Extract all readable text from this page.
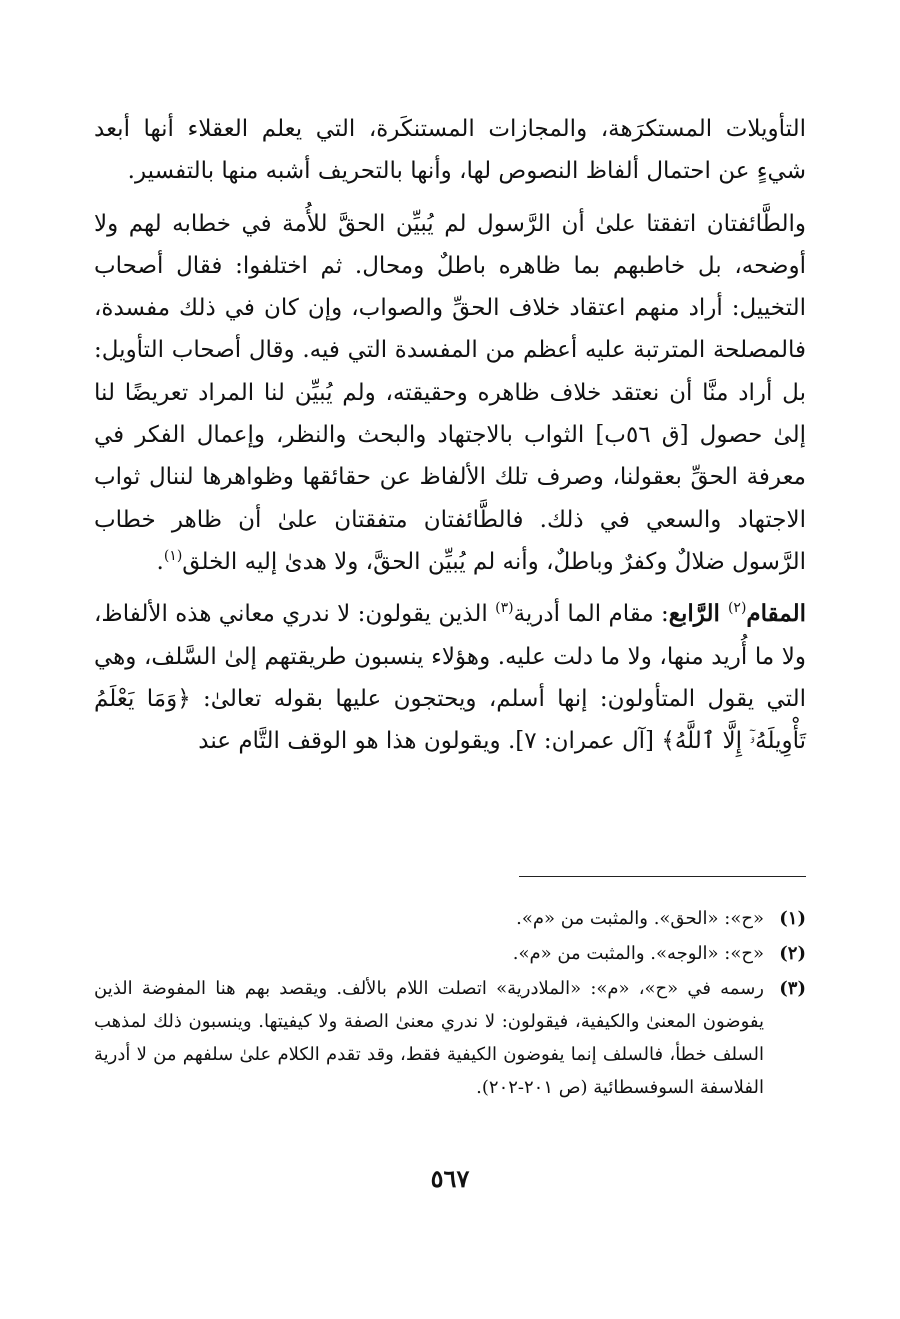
التأويلات المستكرَهة، والمجازات المستنكَرة، التي يعلم العقلاء أنها أبعد شيءٍ عن احتمال ألفاظ النصوص لها، وأنها بالتحريف أشبه منها بالتفسير.

والطَّائفتان اتفقتا علىٰ أن الرَّسول لم يُبيِّن الحقَّ للأُمة في خطابه لهم ولا أوضحه، بل خاطبهم بما ظاهره باطلٌ ومحال. ثم اختلفوا: فقال أصحاب التخييل: أراد منهم اعتقاد خلاف الحقِّ والصواب، وإن كان في ذلك مفسدة، فالمصلحة المترتبة عليه أعظم من المفسدة التي فيه. وقال أصحاب التأويل: بل أراد منَّا أن نعتقد خلاف ظاهره وحقيقته، ولم يُبيِّن لنا المراد تعريضًا لنا إلىٰ حصول [ق ٥٦ب] الثواب بالاجتهاد والبحث والنظر، وإعمال الفكر في معرفة الحقِّ بعقولنا، وصرف تلك الألفاظ عن حقائقها وظواهرها لننال ثواب الاجتهاد والسعي في ذلك. فالطَّائفتان متفقتان علىٰ أن ظاهر خطاب الرَّسول ضلالٌ وكفرٌ وباطلٌ، وأنه لم يُبيِّن الحقَّ، ولا هدىٰ إليه الخلق$^{(١)}$.

المقام$^{(٢)}$ الرَّابع: مقام الما أدرية$^{(٣)}$ الذين يقولون: لا ندري معاني هذه الألفاظ، ولا ما أُريد منها، ولا ما دلت عليه. وهؤلاء ينسبون طريقتهم إلىٰ السَّلف، وهي التي يقول المتأولون: إنها أسلم، ويحتجون عليها بقوله تعالىٰ: ﴿وَمَا يَعْلَمُ تَأْوِيلَهُۥٓ إِلَّا ٱللَّهُ﴾ [آل عمران: ٧]. ويقولون هذا هو الوقف التَّام عند

(١)
«ح»: «الحق». والمثبت من «م».
(٢)
«ح»: «الوجه». والمثبت من «م».
(٣)
رسمه في «ح»، «م»: «الملادرية» اتصلت اللام بالألف. ويقصد بهم هنا المفوضة الذين يفوضون المعنىٰ والكيفية، فيقولون: لا ندري معنىٰ الصفة ولا كيفيتها. وينسبون ذلك لمذهب السلف خطأ، فالسلف إنما يفوضون الكيفية فقط، وقد تقدم الكلام علىٰ سلفهم من لا أدرية الفلاسفة السوفسطائية (ص ٢٠١-٢٠٢).
٥٦٧
